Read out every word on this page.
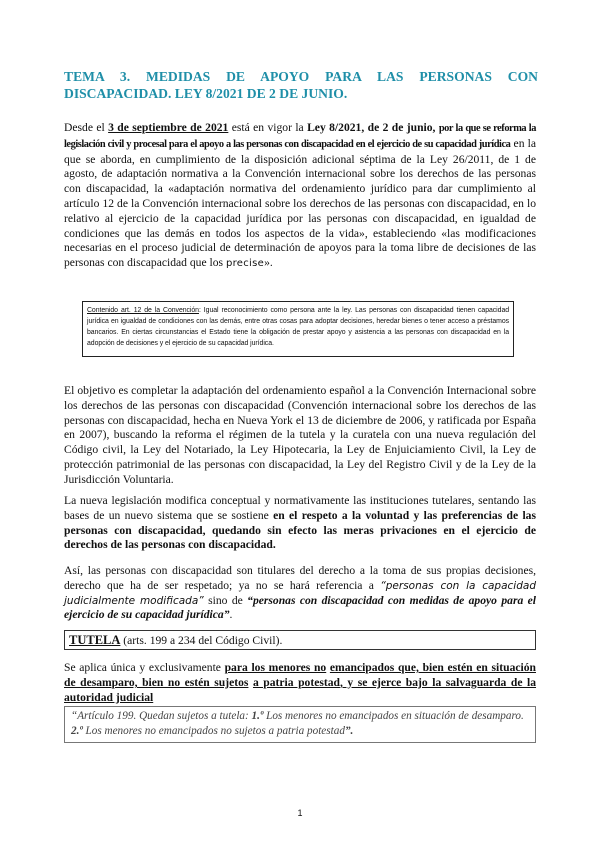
TEMA 3. MEDIDAS DE APOYO PARA LAS PERSONAS CON DISCAPACIDAD. LEY 8/2021 DE 2 DE JUNIO.

Desde el 3 de septiembre de 2021 está en vigor la Ley 8/2021, de 2 de junio, por la que se reforma la legislación civil y procesal para el apoyo a las personas con discapacidad en el ejercicio de su capacidad jurídica en la que se aborda, en cumplimiento de la disposición adicional séptima de la Ley 26/2011, de 1 de agosto, de adaptación normativa a la Convención internacional sobre los derechos de las personas con discapacidad, la «adaptación normativa del ordenamiento jurídico para dar cumplimiento al artículo 12 de la Convención internacional sobre los derechos de las personas con discapacidad, en lo relativo al ejercicio de la capacidad jurídica por las personas con discapacidad, en igualdad de condiciones que las demás en todos los aspectos de la vida», estableciendo «las modificaciones necesarias en el proceso judicial de determinación de apoyos para la toma libre de decisiones de las personas con discapacidad que los precise».

Contenido art. 12 de la Convención: Igual reconocimiento como persona ante la ley. Las personas con discapacidad tienen capacidad jurídica en igualdad de condiciones con las demás, entre otras cosas para adoptar decisiones, heredar bienes o tener acceso a préstamos bancarios. En ciertas circunstancias el Estado tiene la obligación de prestar apoyo y asistencia a las personas con discapacidad en la adopción de decisiones y el ejercicio de su capacidad jurídica.

El objetivo es completar la adaptación del ordenamiento español a la Convención Internacional sobre los derechos de las personas con discapacidad (Convención internacional sobre los derechos de las personas con discapacidad, hecha en Nueva York el 13 de diciembre de 2006, y ratificada por España en 2007), buscando la reforma el régimen de la tutela y la curatela con una nueva regulación del Código civil, la Ley del Notariado, la Ley Hipotecaria, la Ley de Enjuiciamiento Civil, la Ley de protección patrimonial de las personas con discapacidad, la Ley del Registro Civil y de la Ley de la Jurisdicción Voluntaria.

La nueva legislación modifica conceptual y normativamente las instituciones tutelares, sentando las bases de un nuevo sistema que se sostiene en el respeto a la voluntad y las preferencias de las personas con discapacidad, quedando sin efecto las meras privaciones en el ejercicio de derechos de las personas con discapacidad.

Así, las personas con discapacidad son titulares del derecho a la toma de sus propias decisiones, derecho que ha de ser respetado; ya no se hará referencia a “personas con la capacidad judicialmente modificada” sino de “personas con discapacidad con medidas de apoyo para el ejercicio de su capacidad jurídica”.

TUTELA (arts. 199 a 234 del Código Civil).

Se aplica única y exclusivamente para los menores no emancipados que, bien estén en situación de desamparo, bien no estén sujetos a patria potestad, y se ejerce bajo la salvaguarda de la autoridad judicial

“Artículo 199. Quedan sujetos a tutela: 1.º Los menores no emancipados en situación de desamparo. 2.º Los menores no emancipados no sujetos a patria potestad”.
1
